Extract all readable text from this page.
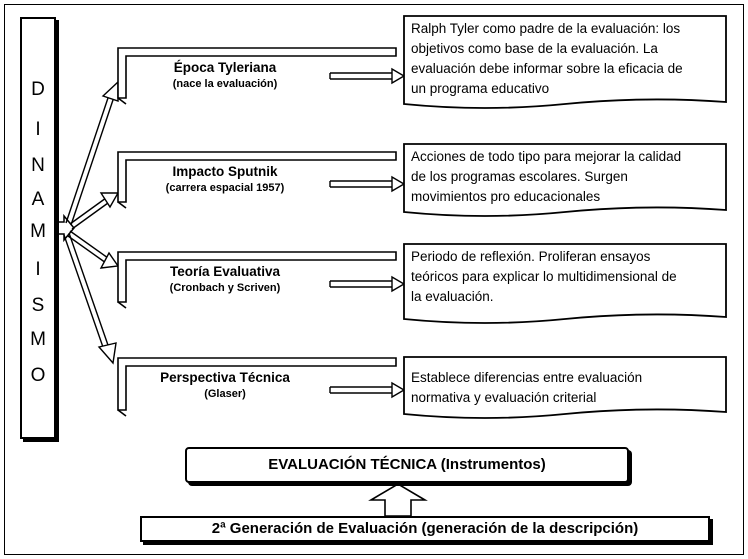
D
I
N
A
M
I
S
M
O
Época Tyleriana
(nace la evaluación)
Impacto Sputnik
(carrera espacial 1957)
Teoría Evaluativa
(Cronbach y Scriven)
Perspectiva Técnica
(Glaser)
Ralph Tyler como padre de la evaluación: los
objetivos como base de la evaluación. La
evaluación debe informar sobre la eficacia de
un programa educativo
Acciones de todo tipo para mejorar la calidad
de los programas escolares. Surgen
movimientos pro educacionales
Periodo de reflexión. Proliferan ensayos
teóricos para explicar lo multidimensional de
la evaluación.
Establece diferencias entre evaluación
normativa y evaluación criterial
EVALUACIÓN TÉCNICA (Instrumentos)
2ª Generación de Evaluación (generación de la descripción)
